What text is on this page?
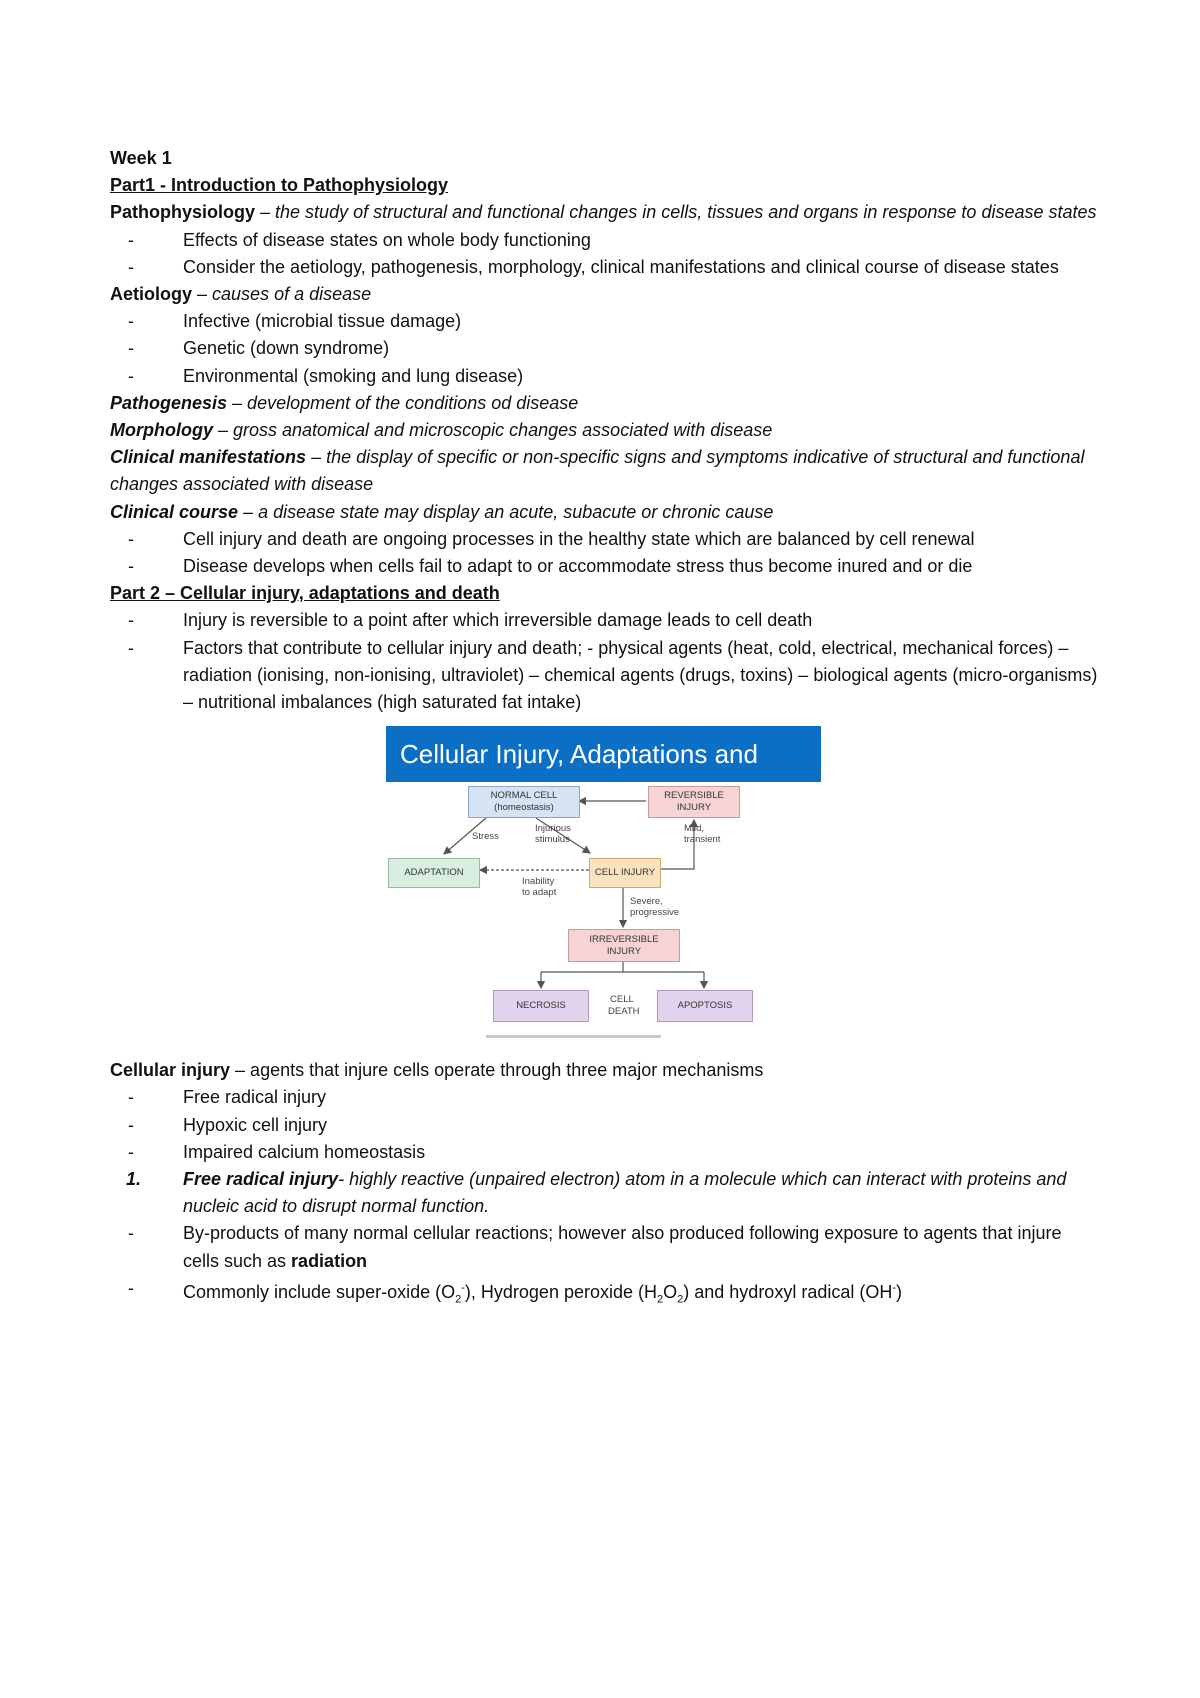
Week 1

Part1 - Introduction to Pathophysiology

Pathophysiology – the study of structural and functional changes in cells, tissues and organs in response to disease states

-	Effects of disease states on whole body functioning

-	Consider the aetiology, pathogenesis, morphology, clinical manifestations and clinical course of disease states

Aetiology – causes of a disease

-	Infective (microbial tissue damage)

-	Genetic (down syndrome)

-	Environmental (smoking and lung disease)

Pathogenesis – development of the conditions od disease

Morphology – gross anatomical and microscopic changes associated with disease

Clinical manifestations – the display of specific or non-specific signs and symptoms indicative of structural and functional changes associated with disease

Clinical course – a disease state may display an acute, subacute or chronic cause

-	Cell injury and death are ongoing processes in the healthy state which are balanced by cell renewal

-	Disease develops when cells fail to adapt to or accommodate stress thus become inured and or die

Part 2 – Cellular injury, adaptations and death

-	Injury is reversible to a point after which irreversible damage leads to cell death

-	Factors that contribute to cellular injury and death; - physical agents (heat, cold, electrical, mechanical forces) – radiation (ionising, non-ionising, ultraviolet) – chemical agents (drugs, toxins) – biological agents (micro-organisms) – nutritional imbalances (high saturated fat intake)

Cellular Injury, Adaptations and Death	NORMAL CELL
(homeostasis)
REVERSIBLE
INJURY
Stress
Injurious
stimulus
Mild,
transient
ADAPTATION	CELL INJURY
Inability
to adapt
Severe,
progressive
IRREVERSIBLE
INJURY
NECROSIS
CELL
DEATH
APOPTOSIS

Cellular injury – agents that injure cells operate through three major mechanisms

-	Free radical injury

-	Hypoxic cell injury

-	Impaired calcium homeostasis

1. Free radical injury- highly reactive (unpaired electron) atom in a molecule which can interact with proteins and nucleic acid to disrupt normal function.

-	By-products of many normal cellular reactions; however also produced following exposure to agents that injure cells such as radiation

-	Commonly include super-oxide $(O_2^-)$, Hydrogen peroxide $(H_2O_2)$ and hydroxyl radical (OH-)
